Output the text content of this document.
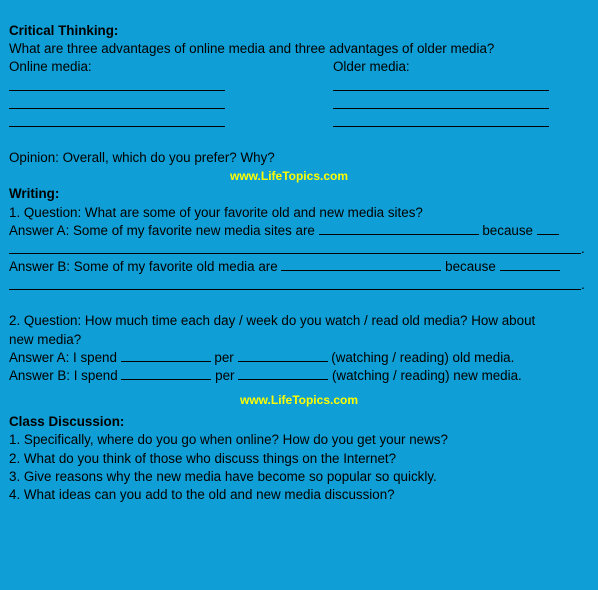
Critical Thinking:
What are three advantages of online media and three advantages of older media?
Online media:	Older media:
Opinion: Overall, which do you prefer? Why?
www.LifeTopics.com
Writing:
1. Question: What are some of your favorite old and new media sites?
Answer A: Some of my favorite new media sites are	because
.
Answer B: Some of my favorite old media are	because
.
2. Question: How much time each day / week do you watch / read old media? How about
new media?
Answer A: I spend	per	(watching / reading) old media.
Answer B: I spend	per	(watching / reading) new media.
www.LifeTopics.com
Class Discussion:
1. Specifically, where do you go when online? How do you get your news?
2. What do you think of those who discuss things on the Internet?
3. Give reasons why the new media have become so popular so quickly.
4. What ideas can you add to the old and new media discussion?
